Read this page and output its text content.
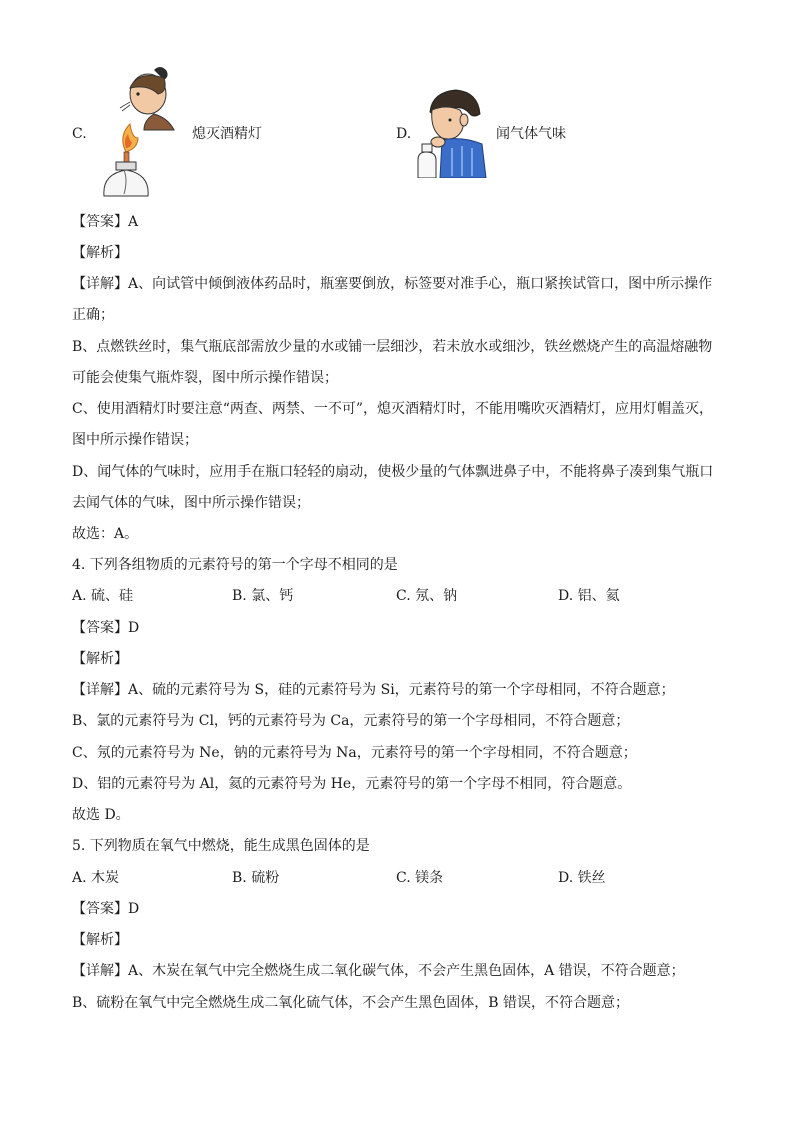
C.	熄灭酒精灯	D.	闻气体气味
【答案】A
【解析】
【详解】A、向试管中倾倒液体药品时，瓶塞要倒放，标签要对准手心，瓶口紧挨试管口，图中所示操作
正确；
B、点燃铁丝时，集气瓶底部需放少量的水或铺一层细沙，若未放水或细沙，铁丝燃烧产生的高温熔融物
可能会使集气瓶炸裂，图中所示操作错误；
C、使用酒精灯时要注意“两查、两禁、一不可”，熄灭酒精灯时，不能用嘴吹灭酒精灯，应用灯帽盖灭，
图中所示操作错误；
D、闻气体的气味时，应用手在瓶口轻轻的扇动，使极少量的气体飘进鼻子中，不能将鼻子凑到集气瓶口
去闻气体的气味，图中所示操作错误；
故选：A。
4. 下列各组物质的元素符号的第一个字母不相同的是
A. 硫、硅	B. 氯、钙	C. 氖、钠	D. 铝、氦
【答案】D
【解析】
【详解】A、硫的元素符号为 S，硅的元素符号为 Si，元素符号的第一个字母相同，不符合题意；
B、氯的元素符号为 Cl，钙的元素符号为 Ca，元素符号的第一个字母相同，不符合题意；
C、氖的元素符号为 Ne，钠的元素符号为 Na，元素符号的第一个字母相同，不符合题意；
D、铝的元素符号为 Al，氦的元素符号为 He，元素符号的第一个字母不相同，符合题意。
故选 D。
5. 下列物质在氧气中燃烧，能生成黑色固体的是
A. 木炭	B. 硫粉	C. 镁条	D. 铁丝
【答案】D
【解析】
【详解】A、木炭在氧气中完全燃烧生成二氧化碳气体，不会产生黑色固体，A 错误，不符合题意；
B、硫粉在氧气中完全燃烧生成二氧化硫气体，不会产生黑色固体，B 错误，不符合题意；
